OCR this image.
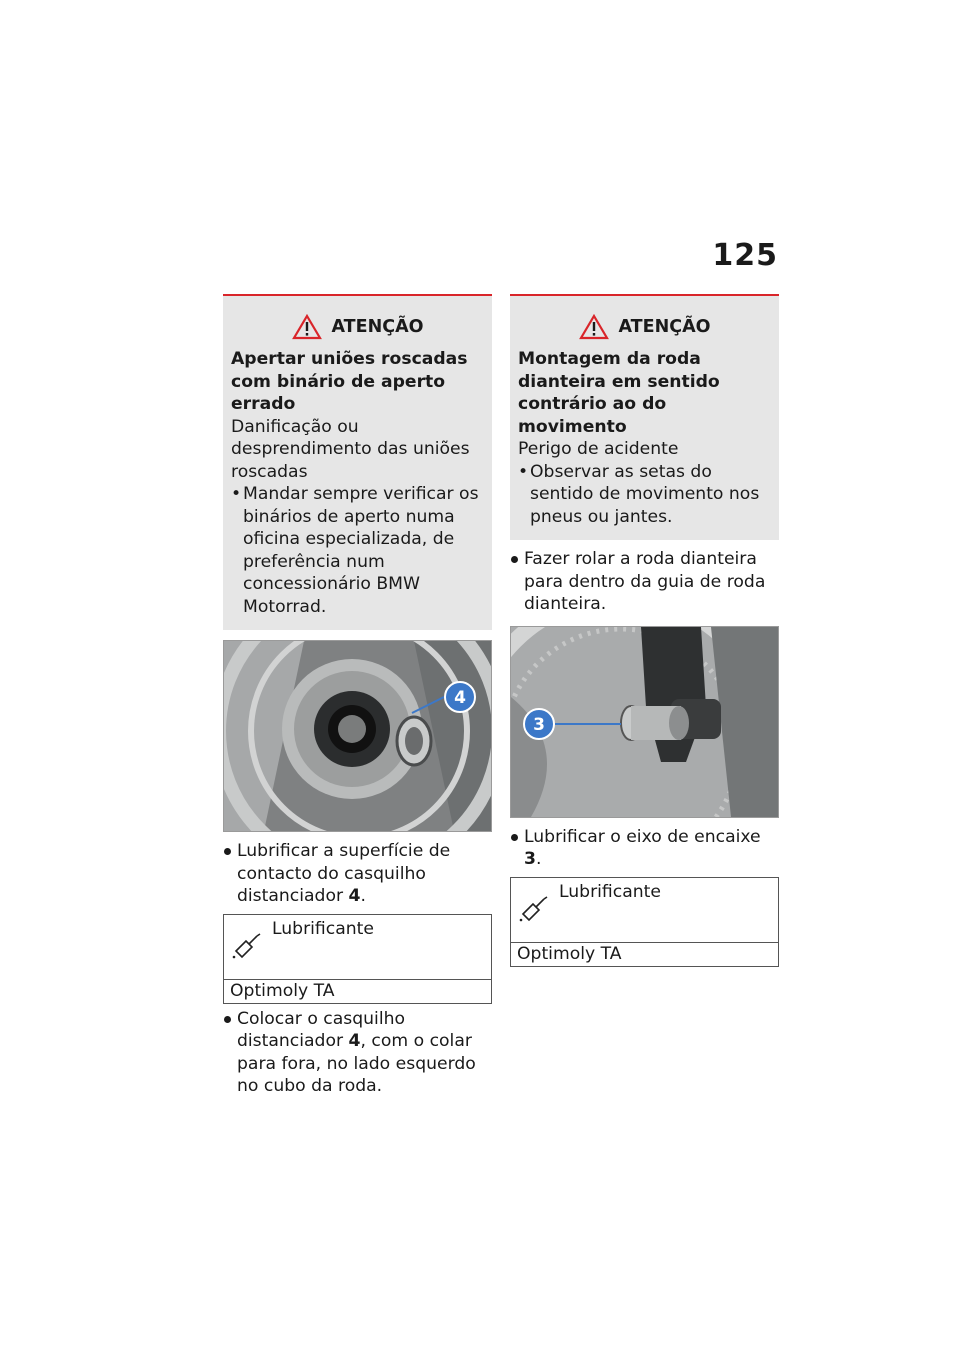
125
ATENÇÃO
Apertar uniões roscadas com binário de aperto errado
Danificação ou desprendimento das uniões roscadas
• Mandar sempre verificar os binários de aperto numa oficina especializada, de preferência num concessionário BMW Motorrad.
4
Lubrificar a superfície de contacto do casquilho distanciador 4.
Lubrificante
Optimoly TA
Colocar o casquilho distanciador 4, com o colar para fora, no lado esquerdo no cubo da roda.
ATENÇÃO
Montagem da roda dianteira em sentido contrário ao do movimento
Perigo de acidente
• Observar as setas do sentido de movimento nos pneus ou jantes.
Fazer rolar a roda dianteira para dentro da guia de roda dianteira.
3
Lubrificar o eixo de encaixe 3.
Lubrificante
Optimoly TA
